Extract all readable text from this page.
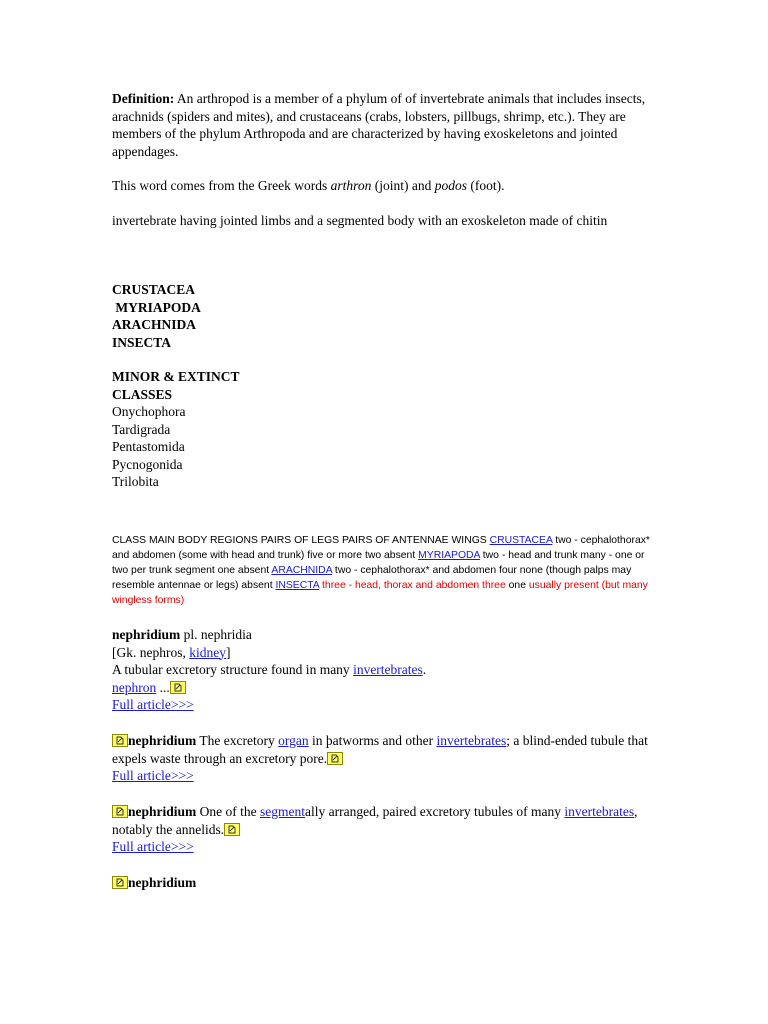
Definition: An arthropod is a member of a phylum of of invertebrate animals that includes insects, arachnids (spiders and mites), and crustaceans (crabs, lobsters, pillbugs, shrimp, etc.). They are members of the phylum Arthropoda and are characterized by having exoskeletons and jointed appendages.

This word comes from the Greek words arthron (joint) and podos (foot).

invertebrate having jointed limbs and a segmented body with an exoskeleton made of chitin

CRUSTACEA
MYRIAPODA
ARACHNIDA
INSECTA
MINOR & EXTINCT
CLASSES
Onychophora
Tardigrada
Pentastomida
Pycnogonida
Trilobita

CLASS MAIN BODY REGIONS PAIRS OF LEGS PAIRS OF ANTENNAE WINGS CRUSTACEA two - cephalothorax* and abdomen (some with head and trunk) five or more two absent MYRIAPODA two - head and trunk many - one or two per trunk segment one absent ARACHNIDA two - cephalothorax* and abdomen four none (though palps may resemble antennae or legs) absent INSECTA three - head, thorax and abdomen three one usually present (but many wingless forms)

nephridium pl. nephridia
[Gk. nephros, kidney]
A tubular excretory structure found in many invertebrates.
nephron ...
Full article>>>
nephridium The excretory organ in þatworms and other invertebrates; a blind-ended tubule that expels waste through an excretory pore.
Full article>>>
nephridium One of the segmentally arranged, paired excretory tubules of many invertebrates, notably the annelids.
Full article>>>
nephridium
